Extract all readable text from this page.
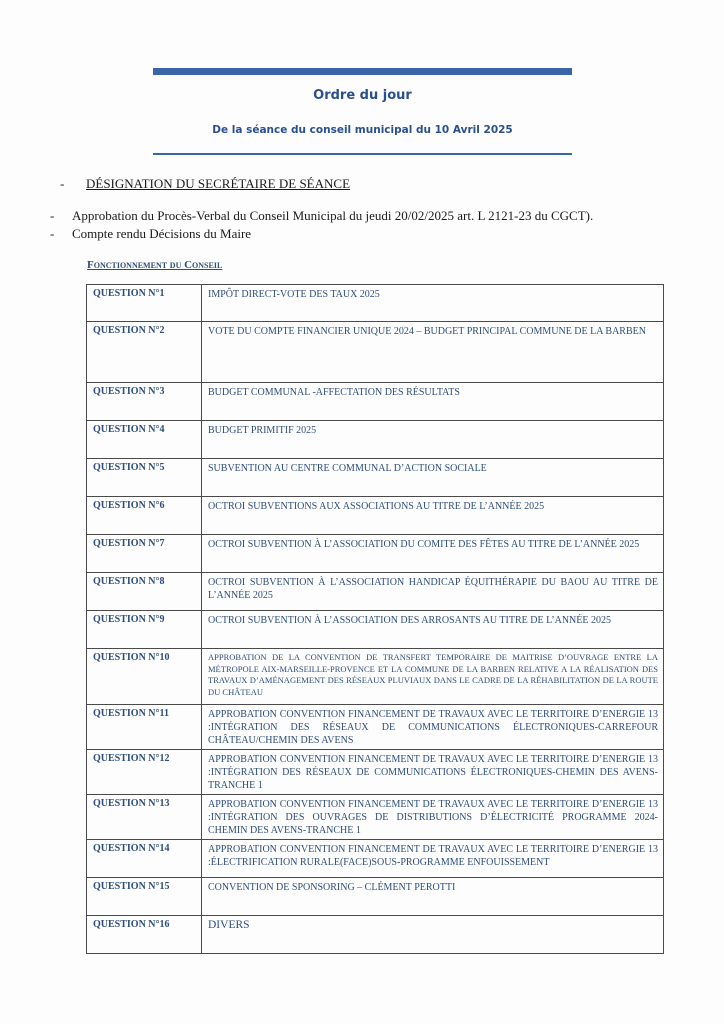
Ordre du jour
De la séance du conseil municipal du 10 Avril 2025
- DÉSIGNATION DU SECRÉTAIRE DE SÉANCE
- Approbation du Procès-Verbal du Conseil Municipal du jeudi 20/02/2025 art. L 2121-23 du CGCT).
- Compte rendu Décisions du Maire
Fonctionnement du Conseil
QUESTION N°1	IMPÔT DIRECT-VOTE DES TAUX 2025
QUESTION N°2	VOTE DU COMPTE FINANCIER UNIQUE 2024 – BUDGET PRINCIPAL COMMUNE DE LA BARBEN
QUESTION N°3	BUDGET COMMUNAL -AFFECTATION DES RÉSULTATS
QUESTION N°4	BUDGET PRIMITIF 2025
QUESTION N°5	SUBVENTION AU CENTRE COMMUNAL D’ACTION SOCIALE
QUESTION N°6	OCTROI SUBVENTIONS AUX ASSOCIATIONS AU TITRE DE L’ANNÉE 2025
QUESTION N°7	OCTROI SUBVENTION À L’ASSOCIATION DU COMITE DES FÊTES AU TITRE DE L’ANNÉE 2025
QUESTION N°8	OCTROI SUBVENTION À L’ASSOCIATION HANDICAP ÉQUITHÉRAPIE DU BAOU AU TITRE DE L’ANNÉE 2025
QUESTION N°9	OCTROI SUBVENTION À L’ASSOCIATION DES ARROSANTS AU TITRE DE L’ANNÉE 2025
QUESTION N°10	APPROBATION DE LA CONVENTION DE TRANSFERT TEMPORAIRE DE MAITRISE D’OUVRAGE ENTRE LA MÉTROPOLE AIX-MARSEILLE-PROVENCE ET LA COMMUNE DE LA BARBEN RELATIVE A LA RÉALISATION DES TRAVAUX D’AMÉNAGEMENT DES RÉSEAUX PLUVIAUX DANS LE CADRE DE LA RÉHABILITATION DE LA ROUTE DU CHÂTEAU
QUESTION N°11	APPROBATION CONVENTION FINANCEMENT DE TRAVAUX AVEC LE TERRITOIRE D’ENERGIE 13 :INTÉGRATION DES RÉSEAUX DE COMMUNICATIONS ÉLECTRONIQUES-CARREFOUR CHÂTEAU/CHEMIN DES AVENS
QUESTION N°12	APPROBATION CONVENTION FINANCEMENT DE TRAVAUX AVEC LE TERRITOIRE D’ENERGIE 13 :INTÉGRATION DES RÉSEAUX DE COMMUNICATIONS ÉLECTRONIQUES-CHEMIN DES AVENS-TRANCHE 1
QUESTION N°13	APPROBATION CONVENTION FINANCEMENT DE TRAVAUX AVEC LE TERRITOIRE D’ENERGIE 13 :INTÉGRATION DES OUVRAGES DE DISTRIBUTIONS D’ÉLECTRICITÉ PROGRAMME 2024- CHEMIN DES AVENS-TRANCHE 1
QUESTION N°14	APPROBATION CONVENTION FINANCEMENT DE TRAVAUX AVEC LE TERRITOIRE D’ENERGIE 13 :ÉLECTRIFICATION RURALE(FACE)SOUS-PROGRAMME ENFOUISSEMENT
QUESTION N°15	CONVENTION DE SPONSORING – CLÉMENT PEROTTI
QUESTION N°16	DIVERS
